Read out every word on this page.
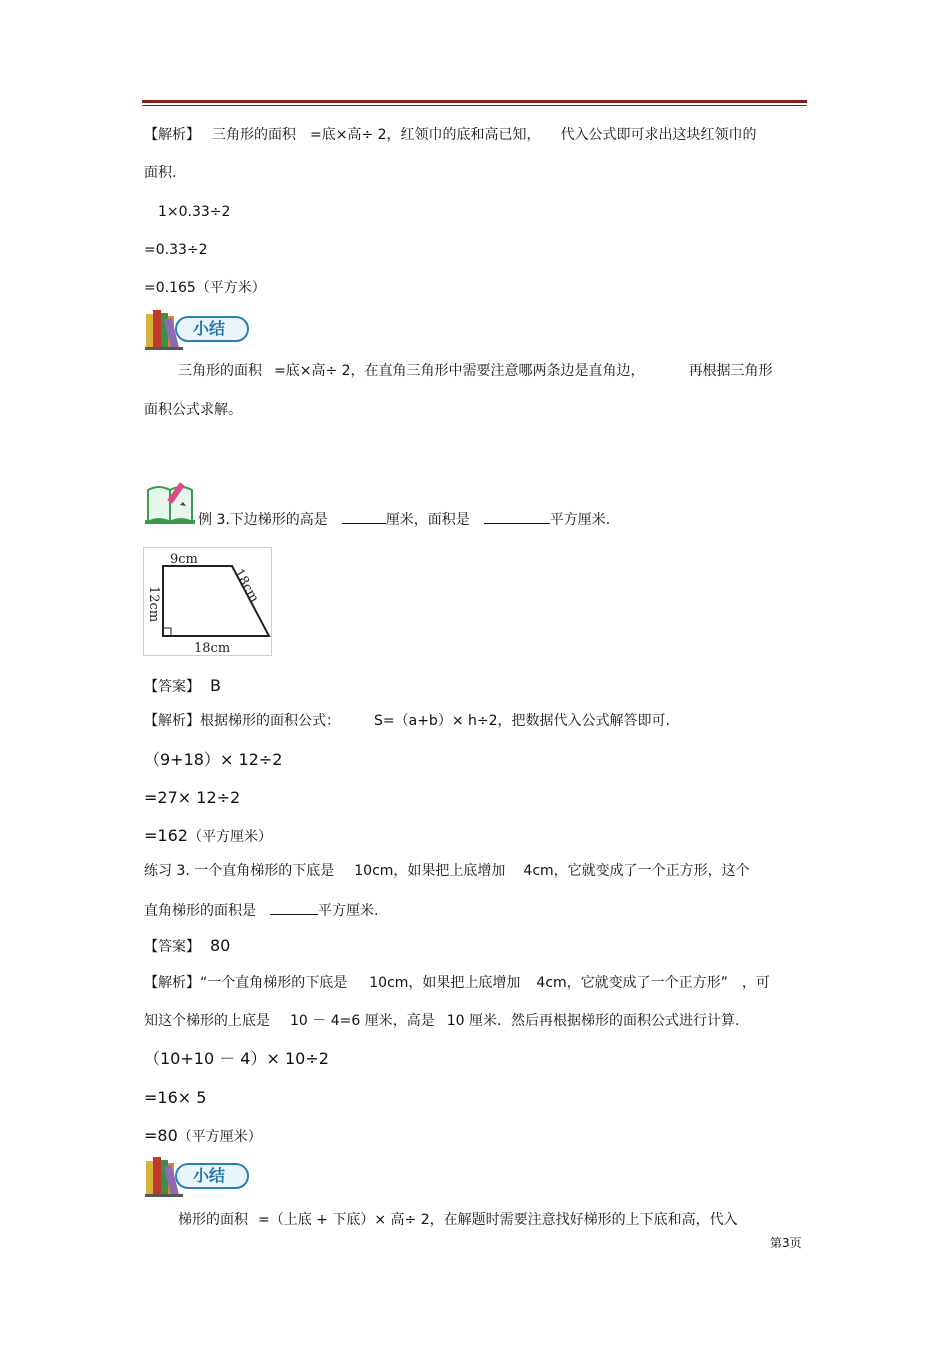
【解析】 三角形的面积 =底×高÷ 2，红领巾的底和高已知， 代入公式即可求出这块红领巾的
面积.
1×0.33÷2
=0.33÷2
=0.165（平方米）
小结
三角形的面积 =底×高÷ 2，在直角三角形中需要注意哪两条边是直角边，	再根据三角形
面积公式求解。
例 3.下边梯形的高是	厘米，面积是	平方厘米.
9cm
18cm
12cm	18cm
【答案】 B
【解析】根据梯形的面积公式： S=（a+b）× h÷2，把数据代入公式解答即可.
（9+18）× 12÷2
=27× 12÷2
=162（平方厘米）
练习 3. 一个直角梯形的下底是 10cm，如果把上底增加 4cm，它就变成了一个正方形，这个
直角梯形的面积是	平方厘米.
【答案】 80
【解析】“一个直角梯形的下底是 10cm，如果把上底增加 4cm，它就变成了一个正方形” ，可
知这个梯形的上底是 10 － 4=6 厘米，高是 10 厘米．然后再根据梯形的面积公式进行计算.
（10+10 － 4）× 10÷2
=16× 5
=80（平方厘米）
小结
梯形的面积 =（上底 + 下底）× 高÷ 2，在解题时需要注意找好梯形的上下底和高，代入
第3页
